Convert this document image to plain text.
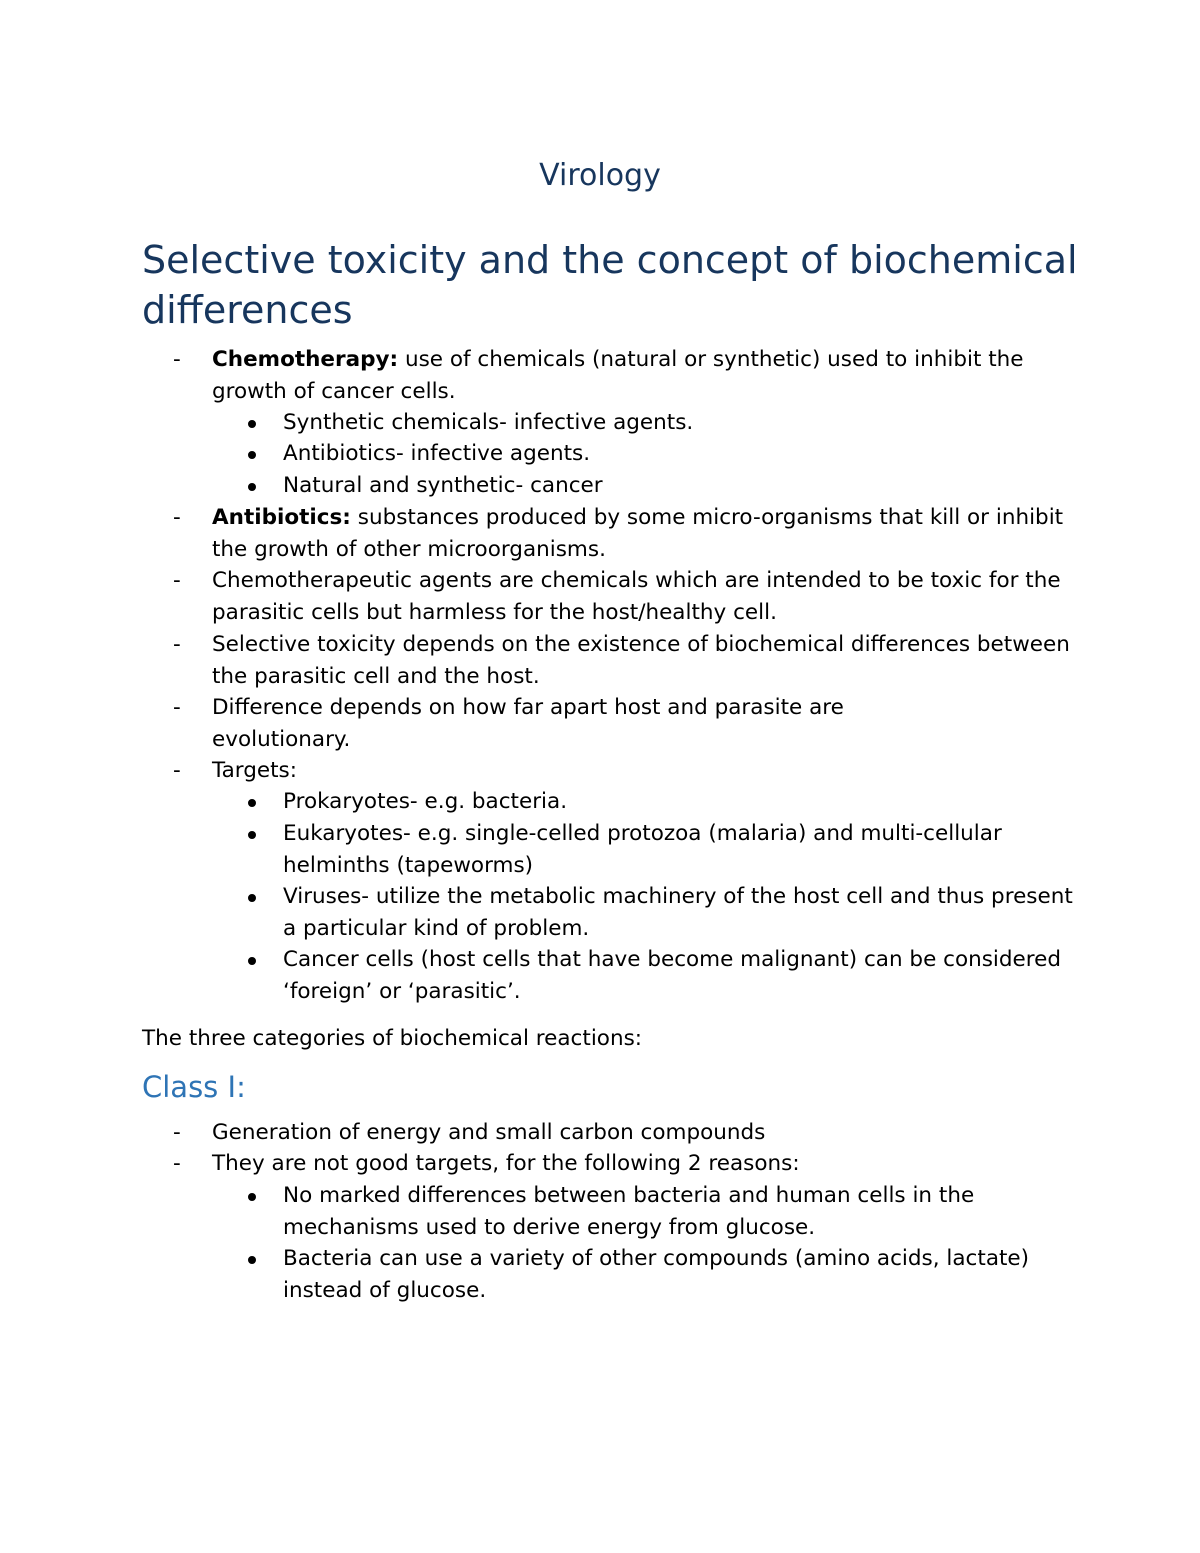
Virology
Selective toxicity and the concept of biochemical differences
- Chemotherapy: use of chemicals (natural or synthetic) used to inhibit the growth of cancer cells.

Synthetic chemicals- infective agents.

Antibiotics- infective agents.

Natural and synthetic- cancer

- Antibiotics: substances produced by some micro-organisms that kill or inhibit the growth of other microorganisms.

- Chemotherapeutic agents are chemicals which are intended to be toxic for the parasitic cells but harmless for the host/healthy cell.

- Selective toxicity depends on the existence of biochemical differences between the parasitic cell and the host.

- Difference depends on how far apart host and parasite are evolutionary.

- Targets:

Prokaryotes- e.g. bacteria.

Eukaryotes- e.g. single-celled protozoa (malaria) and multi-cellular helminths (tapeworms)

Viruses- utilize the metabolic machinery of the host cell and thus present a particular kind of problem.

Cancer cells (host cells that have become malignant) can be considered ‘foreign’ or ‘parasitic’.

The three categories of biochemical reactions:

Class I:
- Generation of energy and small carbon compounds

- They are not good targets, for the following 2 reasons:

No marked differences between bacteria and human cells in the mechanisms used to derive energy from glucose.

Bacteria can use a variety of other compounds (amino acids, lactate) instead of glucose.
